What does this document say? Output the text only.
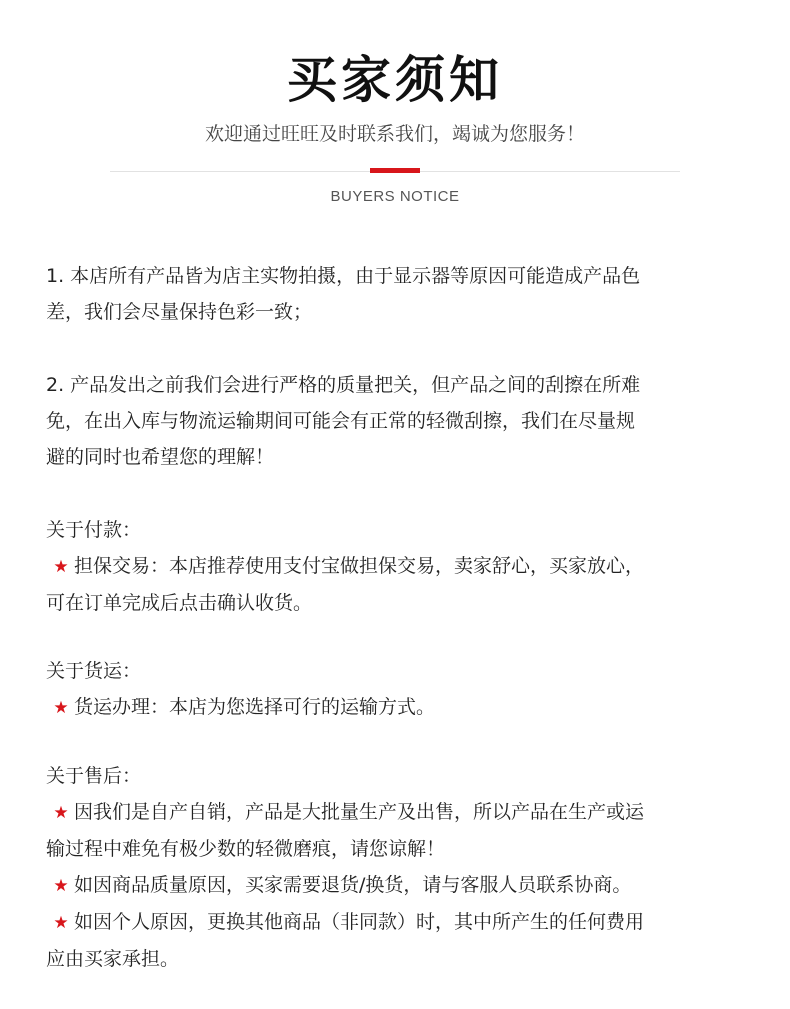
买家须知
欢迎通过旺旺及时联系我们，竭诚为您服务！
BUYERS NOTICE
1. 本店所有产品皆为店主实物拍摄，由于显示器等原因可能造成产品色
差，我们会尽量保持色彩一致；
2. 产品发出之前我们会进行严格的质量把关，但产品之间的刮擦在所难
免，在出入库与物流运输期间可能会有正常的轻微刮擦，我们在尽量规
避的同时也希望您的理解！
关于付款：
★ 担保交易：本店推荐使用支付宝做担保交易，卖家舒心，买家放心，
可在订单完成后点击确认收货。
关于货运：
★ 货运办理：本店为您选择可行的运输方式。
关于售后：
★ 因我们是自产自销，产品是大批量生产及出售，所以产品在生产或运
输过程中难免有极少数的轻微磨痕，请您谅解！
★ 如因商品质量原因，买家需要退货/换货，请与客服人员联系协商。
★ 如因个人原因，更换其他商品（非同款）时，其中所产生的任何费用
应由买家承担。
